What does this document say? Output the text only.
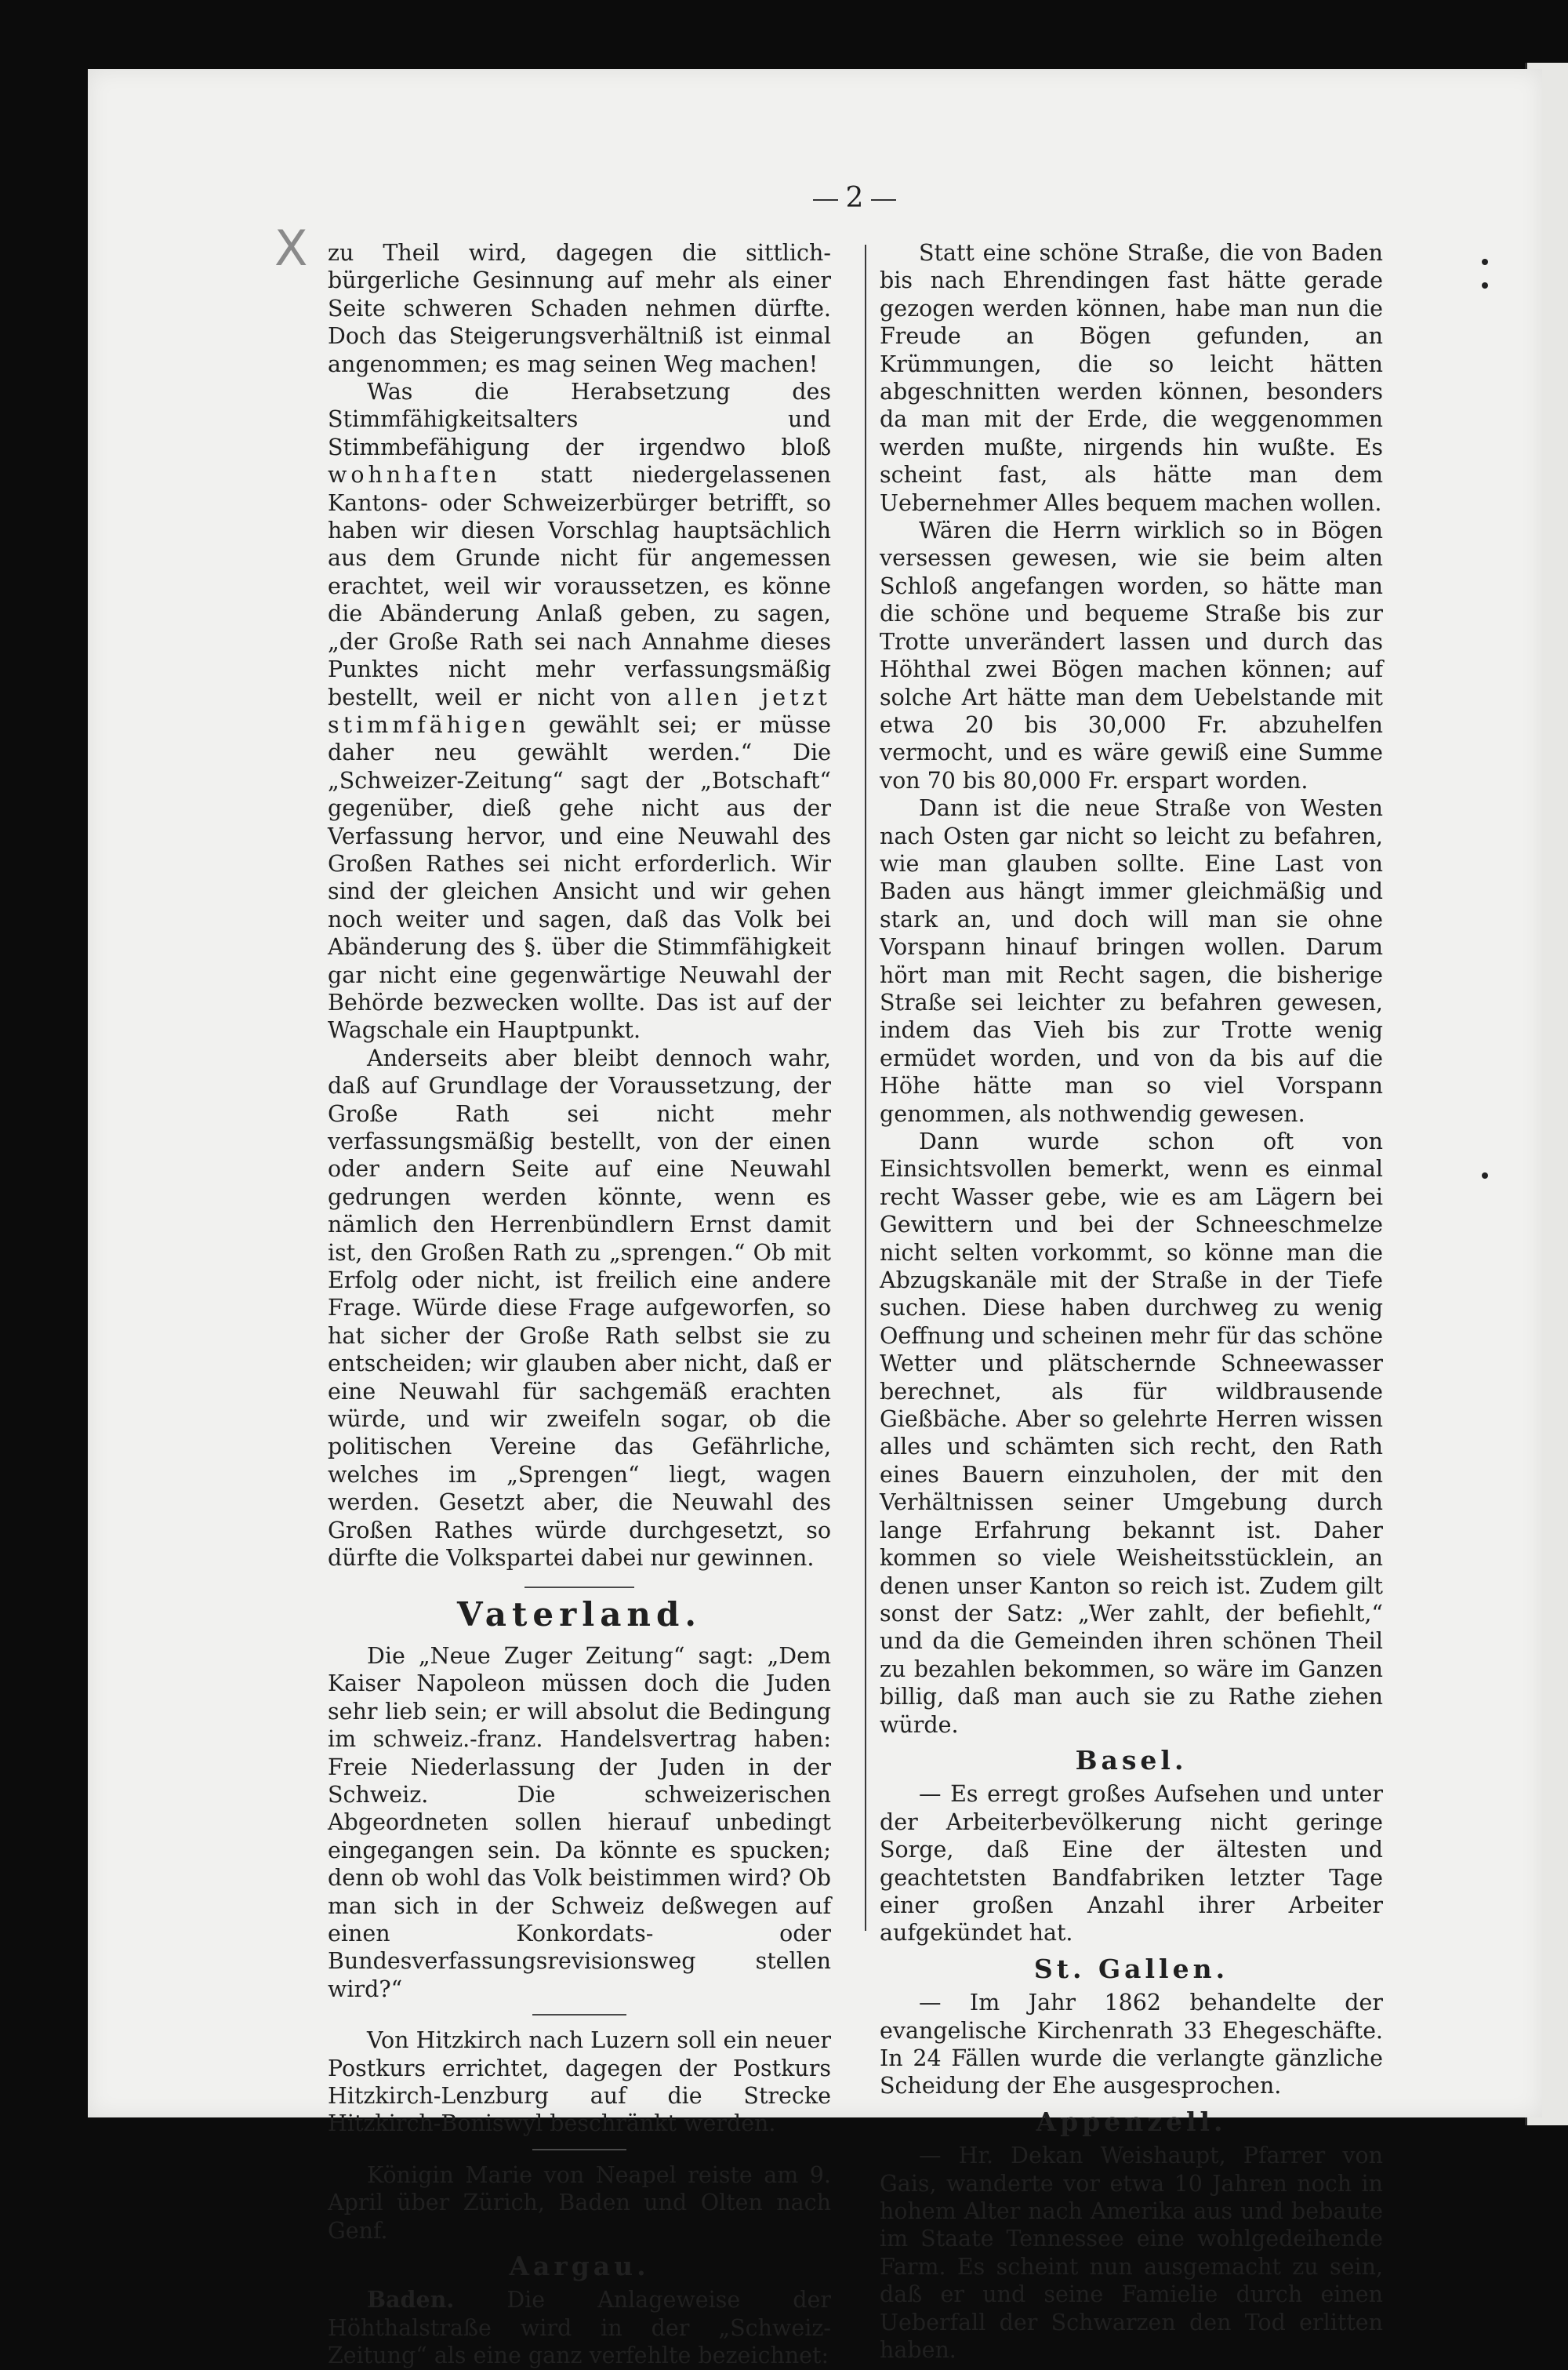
X
2

zu Theil wird, dagegen die sittlich-bürgerliche Gesinnung auf mehr als einer Seite schweren Schaden nehmen dürfte. Doch das Steigerungsverhältniß ist einmal angenommen; es mag seinen Weg machen!

Was die Herabsetzung des Stimmfähigkeitsalters und Stimmbefähigung der irgendwo bloß wohnhaften statt niedergelassenen Kantons- oder Schweizerbürger betrifft, so haben wir diesen Vorschlag hauptsächlich aus dem Grunde nicht für angemessen erachtet, weil wir voraussetzen, es könne die Abänderung Anlaß geben, zu sagen, „der Große Rath sei nach Annahme dieses Punktes nicht mehr verfassungsmäßig bestellt, weil er nicht von allen jetzt stimmfähigen gewählt sei; er müsse daher neu gewählt werden.“ Die „Schweizer-Zeitung“ sagt der „Botschaft“ gegenüber, dieß gehe nicht aus der Verfassung hervor, und eine Neuwahl des Großen Rathes sei nicht erforderlich. Wir sind der gleichen Ansicht und wir gehen noch weiter und sagen, daß das Volk bei Abänderung des §. über die Stimmfähigkeit gar nicht eine gegenwärtige Neuwahl der Behörde bezwecken wollte. Das ist auf der Wagschale ein Hauptpunkt.

Anderseits aber bleibt dennoch wahr, daß auf Grundlage der Voraussetzung, der Große Rath sei nicht mehr verfassungsmäßig bestellt, von der einen oder andern Seite auf eine Neuwahl gedrungen werden könnte, wenn es nämlich den Herrenbündlern Ernst damit ist, den Großen Rath zu „sprengen.“ Ob mit Erfolg oder nicht, ist freilich eine andere Frage. Würde diese Frage aufgeworfen, so hat sicher der Große Rath selbst sie zu entscheiden; wir glauben aber nicht, daß er eine Neuwahl für sachgemäß erachten würde, und wir zweifeln sogar, ob die politischen Vereine das Gefährliche, welches im „Sprengen“ liegt, wagen werden. Gesetzt aber, die Neuwahl des Großen Rathes würde durchgesetzt, so dürfte die Volkspartei dabei nur gewinnen.

Vaterland.

Die „Neue Zuger Zeitung“ sagt: „Dem Kaiser Napoleon müssen doch die Juden sehr lieb sein; er will absolut die Bedingung im schweiz.-franz. Handelsvertrag haben: Freie Niederlassung der Juden in der Schweiz. Die schweizerischen Abgeordneten sollen hierauf unbedingt eingegangen sein. Da könnte es spucken; denn ob wohl das Volk beistimmen wird? Ob man sich in der Schweiz deßwegen auf einen Konkordats- oder Bundesverfassungsrevisionsweg stellen wird?“

Von Hitzkirch nach Luzern soll ein neuer Postkurs errichtet, dagegen der Postkurs Hitzkirch-Lenzburg auf die Strecke Hitzkirch-Boniswyl beschränkt werden.

Königin Marie von Neapel reiste am 9. April über Zürich, Baden und Olten nach Genf.

Aargau.

Baden. Die Anlageweise der Höhthalstraße wird in der „Schweiz-Zeitung“ als eine ganz verfehlte bezeichnet:

Statt eine schöne Straße, die von Baden bis nach Ehrendingen fast hätte gerade gezogen werden können, habe man nun die Freude an Bögen gefunden, an Krümmungen, die so leicht hätten abgeschnitten werden können, besonders da man mit der Erde, die weggenommen werden mußte, nirgends hin wußte. Es scheint fast, als hätte man dem Uebernehmer Alles bequem machen wollen.

Wären die Herrn wirklich so in Bögen versessen gewesen, wie sie beim alten Schloß angefangen worden, so hätte man die schöne und bequeme Straße bis zur Trotte unverändert lassen und durch das Höhthal zwei Bögen machen können; auf solche Art hätte man dem Uebelstande mit etwa 20 bis 30,000 Fr. abzuhelfen vermocht, und es wäre gewiß eine Summe von 70 bis 80,000 Fr. erspart worden.

Dann ist die neue Straße von Westen nach Osten gar nicht so leicht zu befahren, wie man glauben sollte. Eine Last von Baden aus hängt immer gleichmäßig und stark an, und doch will man sie ohne Vorspann hinauf bringen wollen. Darum hört man mit Recht sagen, die bisherige Straße sei leichter zu befahren gewesen, indem das Vieh bis zur Trotte wenig ermüdet worden, und von da bis auf die Höhe hätte man so viel Vorspann genommen, als nothwendig gewesen.

Dann wurde schon oft von Einsichtsvollen bemerkt, wenn es einmal recht Wasser gebe, wie es am Lägern bei Gewittern und bei der Schneeschmelze nicht selten vorkommt, so könne man die Abzugskanäle mit der Straße in der Tiefe suchen. Diese haben durchweg zu wenig Oeffnung und scheinen mehr für das schöne Wetter und plätschernde Schneewasser berechnet, als für wildbrausende Gießbäche. Aber so gelehrte Herren wissen alles und schämten sich recht, den Rath eines Bauern einzuholen, der mit den Verhältnissen seiner Umgebung durch lange Erfahrung bekannt ist. Daher kommen so viele Weisheitsstücklein, an denen unser Kanton so reich ist. Zudem gilt sonst der Satz: „Wer zahlt, der befiehlt,“ und da die Gemeinden ihren schönen Theil zu bezahlen bekommen, so wäre im Ganzen billig, daß man auch sie zu Rathe ziehen würde.

Basel.

— Es erregt großes Aufsehen und unter der Arbeiterbevölkerung nicht geringe Sorge, daß Eine der ältesten und geachtetsten Bandfabriken letzter Tage einer großen Anzahl ihrer Arbeiter aufgekündet hat.

St. Gallen.

— Im Jahr 1862 behandelte der evangelische Kirchenrath 33 Ehegeschäfte. In 24 Fällen wurde die verlangte gänzliche Scheidung der Ehe ausgesprochen.

Appenzell.

— Hr. Dekan Weishaupt, Pfarrer von Gais, wanderte vor etwa 10 Jahren noch in hohem Alter nach Amerika aus und bebaute im Staate Tennessee eine wohlgedeihende Farm. Es scheint nun ausgemacht zu sein, daß er und seine Famielie durch einen Ueberfall der Schwarzen den Tod erlitten haben.
